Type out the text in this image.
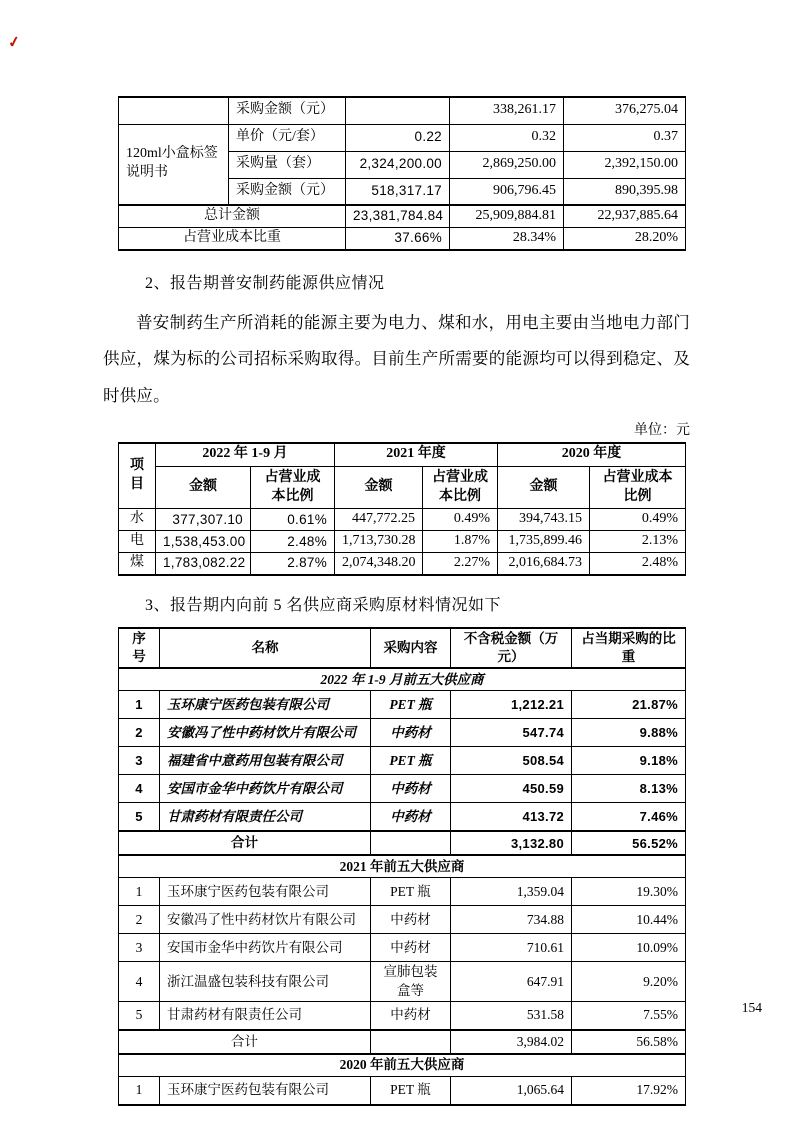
✓
	采购金额（元）		338,261.17	376,275.04
120ml小盒标签说明书	单价（元/套）	0.22	0.32	0.37
	采购量（套）	2,324,200.00	2,869,250.00	2,392,150.00
	采购金额（元）	518,317.17	906,796.45	890,395.98
总计金额		23,381,784.84	25,909,884.81	22,937,885.64
占营业成本比重		37.66%	28.34%	28.20%
2、报告期普安制药能源供应情况
普安制药生产所消耗的能源主要为电力、煤和水，用电主要由当地电力部门供应，煤为标的公司招标采购取得。目前生产所需要的能源均可以得到稳定、及时供应。
单位：元
项目	2022 年 1-9 月		2021 年度		2020 年度	
	金额	占营业成本比例	金额	占营业成本比例	金额	占营业成本比例
水	377,307.10	0.61%	447,772.25	0.49%	394,743.15	0.49%
电	1,538,453.00	2.48%	1,713,730.28	1.87%	1,735,899.46	2.13%
煤	1,783,082.22	2.87%	2,074,348.20	2.27%	2,016,684.73	2.48%
3、报告期内向前 5 名供应商采购原材料情况如下
序号	名称	采购内容	不含税金额（万元）	占当期采购的比重
2022 年 1-9 月前五大供应商				
1	玉环康宁医药包装有限公司	PET 瓶	1,212.21	21.87%
2	安徽冯了性中药材饮片有限公司	中药材	547.74	9.88%
3	福建省中意药用包装有限公司	PET 瓶	508.54	9.18%
4	安国市金华中药饮片有限公司	中药材	450.59	8.13%
5	甘肃药材有限责任公司	中药材	413.72	7.46%
合计			3,132.80	56.52%
2021 年前五大供应商				
1	玉环康宁医药包装有限公司	PET 瓶	1,359.04	19.30%
2	安徽冯了性中药材饮片有限公司	中药材	734.88	10.44%
3	安国市金华中药饮片有限公司	中药材	710.61	10.09%
4	浙江温盛包装科技有限公司	宣肺包装盒等	647.91	9.20%
5	甘肃药材有限责任公司	中药材	531.58	7.55%
合计			3,984.02	56.58%
2020 年前五大供应商				
1	玉环康宁医药包装有限公司	PET 瓶	1,065.64	17.92%
154
